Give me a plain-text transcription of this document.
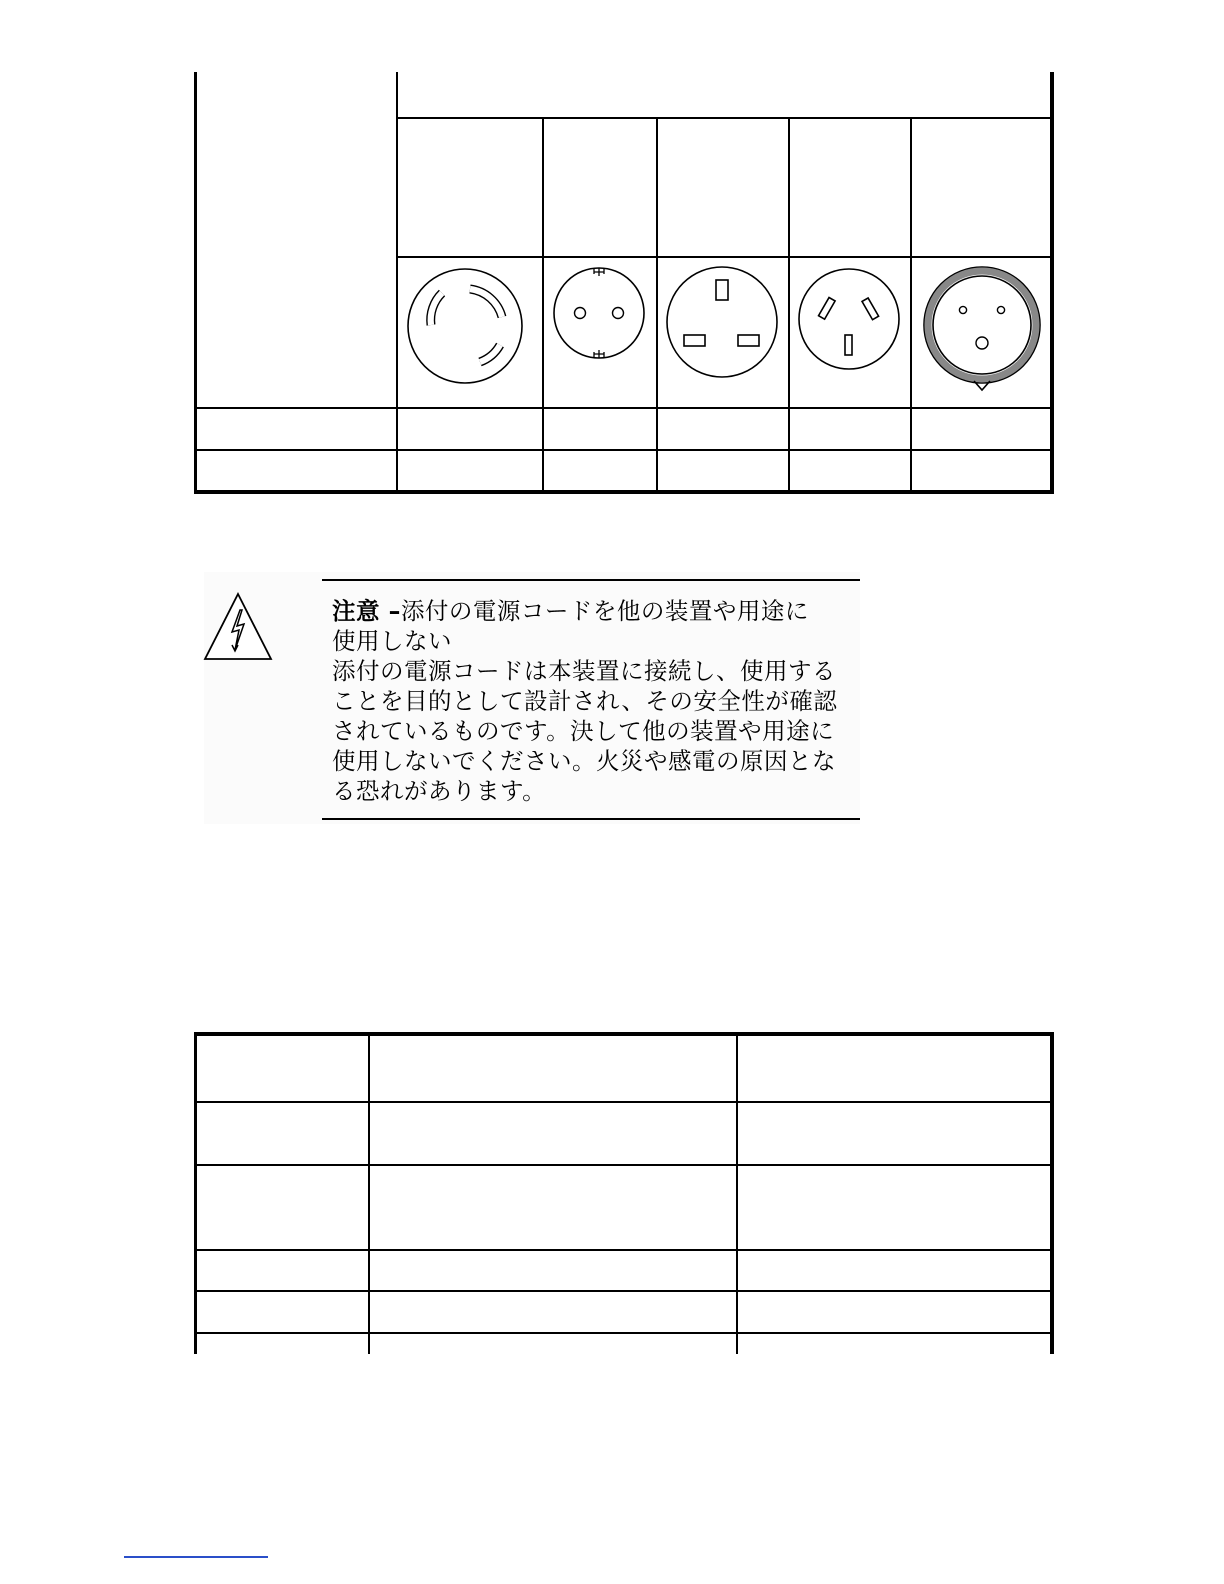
注意 –添付の電源コードを他の装置や用途に
使用しない
添付の電源コードは本装置に接続し、使用する
ことを目的として設計され、その安全性が確認
されているものです。決して他の装置や用途に
使用しないでください。火災や感電の原因とな
る恐れがあります。
